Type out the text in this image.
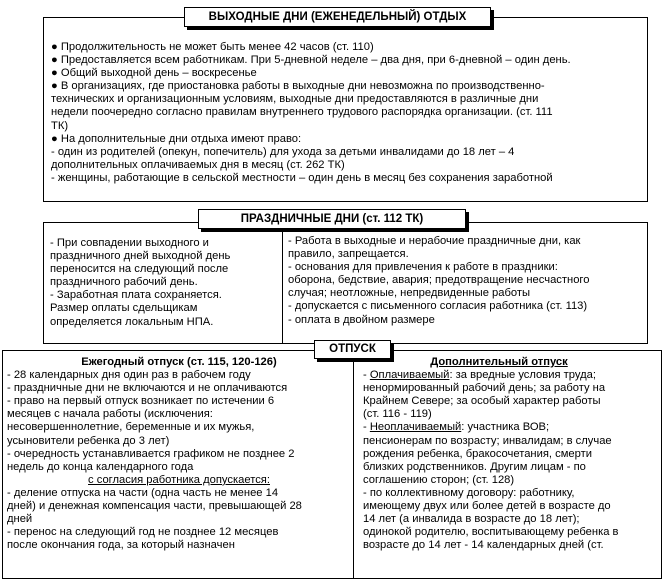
● Продолжительность не может быть менее 42 часов (ст. 110)

● Предоставляется всем работникам. При 5-дневной неделе – два дня, при 6-дневной – один день.

● Общий выходной день – воскресенье

● В организациях, где приостановка работы в выходные дни невозможна по производственно-

технических и организационным условиям, выходные дни предоставляются в различные дни

недели поочередно согласно правилам внутреннего трудового распорядка организации. (ст. 111

ТК)

● На дополнительные дни отдыха имеют право:

- один из родителей (опекун, попечитель) для ухода за детьми инвалидами до 18 лет – 4

дополнительных оплачиваемых дня в месяц (ст. 262 ТК)

- женщины, работающие в сельской местности – один день в месяц без сохранения заработной

ВЫХОДНЫЕ ДНИ (ЕЖЕНЕДЕЛЬНЫЙ) ОТДЫХ

- При совпадении выходного и

праздничного дней выходной день

переносится на следующий после

праздничного рабочий день.

- Заработная плата сохраняется.

Размер оплаты сдельщикам

определяется локальным НПА.

- Работа в выходные и нерабочие праздничные дни, как

правило, запрещается.

- основания для привлечения к работе в праздники:

оборона, бедствие, авария; предотвращение несчастного

случая; неотложные, непредвиденные работы

- допускается с письменного согласия работника (ст. 113)

- оплата в двойном размере

ПРАЗДНИЧНЫЕ ДНИ (ст. 112 ТК)

Ежегодный отпуск (ст. 115, 120-126)

- 28 календарных дня один раз в рабочем году

- праздничные дни не включаются и не оплачиваются

- право на первый отпуск возникает по истечении 6

месяцев с начала работы (исключения:

несовершеннолетние, беременные и их мужья,

усыновители ребенка до 3 лет)

- очередность устанавливается графиком не позднее 2

недель до конца календарного года

с согласия работника допускается:

- деление отпуска на части (одна часть не менее 14

дней) и денежная компенсация части, превышающей 28

дней

- перенос на следующий год не позднее 12 месяцев

после окончания года, за который назначен

Дополнительный отпуск

- Оплачиваемый: за вредные условия труда;

ненормированный рабочий день; за работу на

Крайнем Севере; за особый характер работы

(ст. 116 - 119)

- Неоплачиваемый: участника ВОВ;

пенсионерам по возрасту; инвалидам; в случае

рождения ребенка, бракосочетания, смерти

близких родственников. Другим лицам - по

соглашению сторон; (ст. 128)

- по коллективному договору: работнику,

имеющему двух или более детей в возрасте до

14 лет (а инвалида в возрасте до 18 лет);

одинокой родителю, воспитывающему ребенка в

возрасте до 14 лет - 14 календарных дней (ст.

ОТПУСК
